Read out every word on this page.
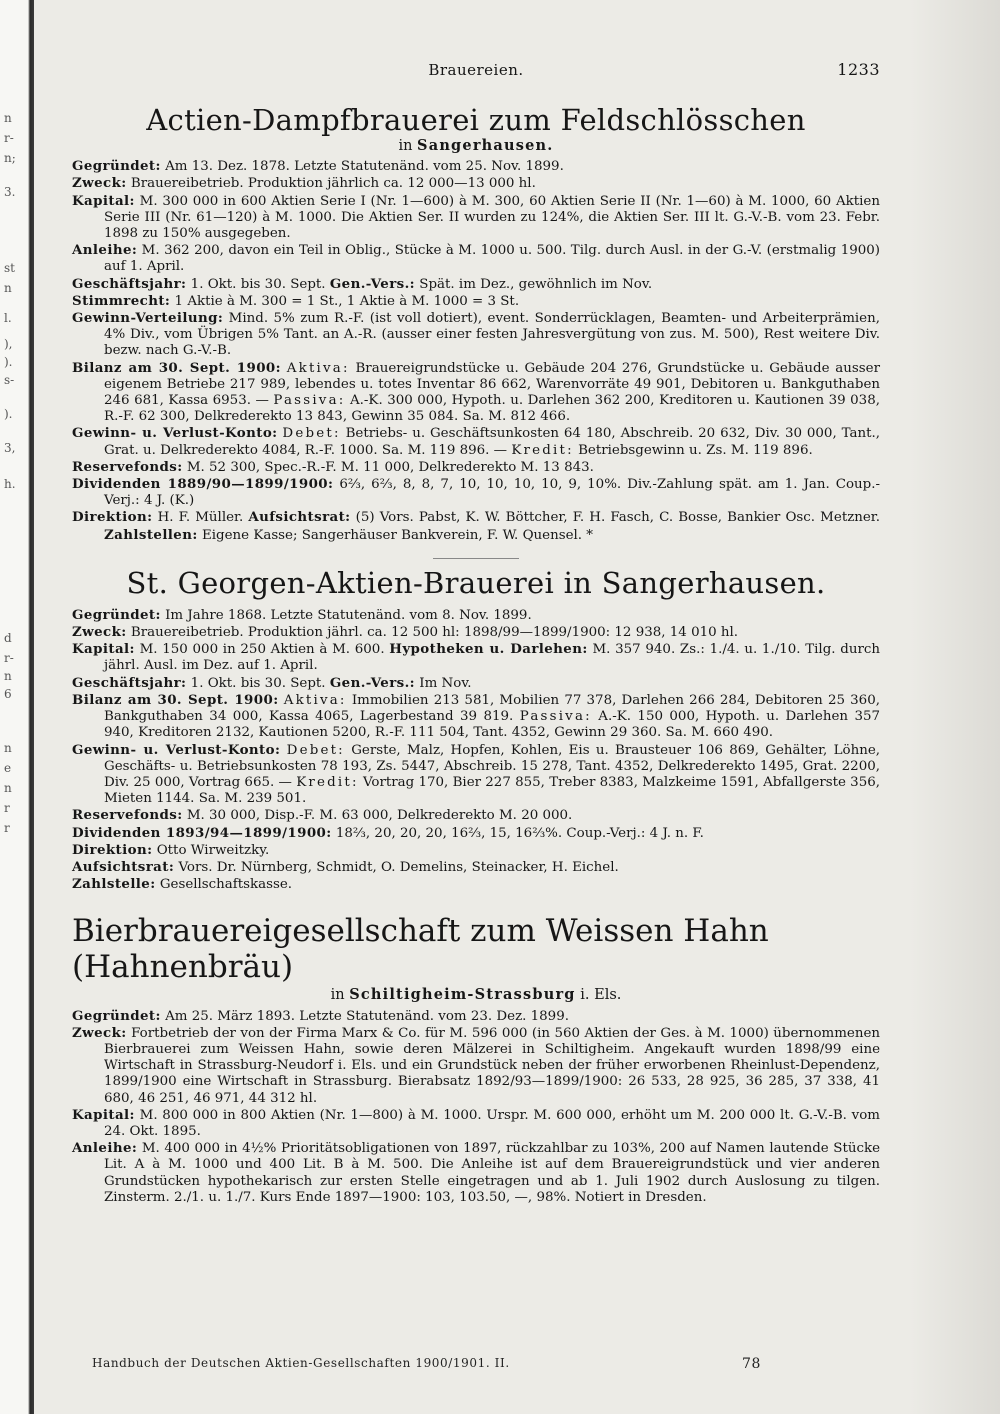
n
r-
n;
3.
st
n
l.
),
).
s-
).
3,
h.
d
r-
n
6
n
e
n
r
r
Brauereien.	1233
Actien-Dampfbrauerei zum Feldschlösschen
in Sangerhausen.

Gegründet: Am 13. Dez. 1878. Letzte Statutenänd. vom 25. Nov. 1899.

Zweck: Brauereibetrieb. Produktion jährlich ca. 12 000—13 000 hl.

Kapital: M. 300 000 in 600 Aktien Serie I (Nr. 1—600) à M. 300, 60 Aktien Serie II (Nr. 1—60) à M. 1000, 60 Aktien Serie III (Nr. 61—120) à M. 1000. Die Aktien Ser. II wurden zu 124%, die Aktien Ser. III lt. G.-V.-B. vom 23. Febr. 1898 zu 150% ausgegeben.

Anleihe: M. 362 200, davon ein Teil in Oblig., Stücke à M. 1000 u. 500. Tilg. durch Ausl. in der G.-V. (erstmalig 1900) auf 1. April.

Geschäftsjahr: 1. Okt. bis 30. Sept. Gen.-Vers.: Spät. im Dez., gewöhnlich im Nov.

Stimmrecht: 1 Aktie à M. 300 = 1 St., 1 Aktie à M. 1000 = 3 St.

Gewinn-Verteilung: Mind. 5% zum R.-F. (ist voll dotiert), event. Sonderrücklagen, Beamten- und Arbeiterprämien, 4% Div., vom Übrigen 5% Tant. an A.-R. (ausser einer festen Jahresvergütung von zus. M. 500), Rest weitere Div. bezw. nach G.-V.-B.

Bilanz am 30. Sept. 1900: Aktiva: Brauereigrundstücke u. Gebäude 204 276, Grundstücke u. Gebäude ausser eigenem Betriebe 217 989, lebendes u. totes Inventar 86 662, Warenvorräte 49 901, Debitoren u. Bankguthaben 246 681, Kassa 6953. — Passiva: A.-K. 300 000, Hypoth. u. Darlehen 362 200, Kreditoren u. Kautionen 39 038, R.-F. 62 300, Delkrederekto 13 843, Gewinn 35 084. Sa. M. 812 466.

Gewinn- u. Verlust-Konto: Debet: Betriebs- u. Geschäftsunkosten 64 180, Abschreib. 20 632, Div. 30 000, Tant., Grat. u. Delkrederekto 4084, R.-F. 1000. Sa. M. 119 896. — Kredit: Betriebsgewinn u. Zs. M. 119 896.

Reservefonds: M. 52 300, Spec.-R.-F. M. 11 000, Delkrederekto M. 13 843.

Dividenden 1889/90—1899/1900: 6⅔, 6⅔, 8, 8, 7, 10, 10, 10, 10, 9, 10%. Div.-Zahlung spät. am 1. Jan. Coup.-Verj.: 4 J. (K.)

Direktion: H. F. Müller. Aufsichtsrat: (5) Vors. Pabst, K. W. Böttcher, F. H. Fasch, C. Bosse, Bankier Osc. Metzner. Zahlstellen: Eigene Kasse; Sangerhäuser Bankverein, F. W. Quensel. *

St. Georgen-Aktien-Brauerei in Sangerhausen.

Gegründet: Im Jahre 1868. Letzte Statutenänd. vom 8. Nov. 1899.

Zweck: Brauereibetrieb. Produktion jährl. ca. 12 500 hl: 1898/99—1899/1900: 12 938, 14 010 hl.

Kapital: M. 150 000 in 250 Aktien à M. 600. Hypotheken u. Darlehen: M. 357 940. Zs.: 1./4. u. 1./10. Tilg. durch jährl. Ausl. im Dez. auf 1. April.

Geschäftsjahr: 1. Okt. bis 30. Sept. Gen.-Vers.: Im Nov.

Bilanz am 30. Sept. 1900: Aktiva: Immobilien 213 581, Mobilien 77 378, Darlehen 266 284, Debitoren 25 360, Bankguthaben 34 000, Kassa 4065, Lagerbestand 39 819. Passiva: A.-K. 150 000, Hypoth. u. Darlehen 357 940, Kreditoren 2132, Kautionen 5200, R.-F. 111 504, Tant. 4352, Gewinn 29 360. Sa. M. 660 490.

Gewinn- u. Verlust-Konto: Debet: Gerste, Malz, Hopfen, Kohlen, Eis u. Brausteuer 106 869, Gehälter, Löhne, Geschäfts- u. Betriebsunkosten 78 193, Zs. 5447, Abschreib. 15 278, Tant. 4352, Delkrederekto 1495, Grat. 2200, Div. 25 000, Vortrag 665. — Kredit: Vortrag 170, Bier 227 855, Treber 8383, Malzkeime 1591, Abfallgerste 356, Mieten 1144. Sa. M. 239 501.

Reservefonds: M. 30 000, Disp.-F. M. 63 000, Delkrederekto M. 20 000.

Dividenden 1893/94—1899/1900: 18⅔, 20, 20, 20, 16⅔, 15, 16⅔%. Coup.-Verj.: 4 J. n. F.

Direktion: Otto Wirweitzky.

Aufsichtsrat: Vors. Dr. Nürnberg, Schmidt, O. Demelins, Steinacker, H. Eichel.

Zahlstelle: Gesellschaftskasse.

Bierbrauereigesellschaft zum Weissen Hahn (Hahnenbräu)
in Schiltigheim-Strassburg i. Els.

Gegründet: Am 25. März 1893. Letzte Statutenänd. vom 23. Dez. 1899.

Zweck: Fortbetrieb der von der Firma Marx & Co. für M. 596 000 (in 560 Aktien der Ges. à M. 1000) übernommenen Bierbrauerei zum Weissen Hahn, sowie deren Mälzerei in Schiltigheim. Angekauft wurden 1898/99 eine Wirtschaft in Strassburg-Neudorf i. Els. und ein Grundstück neben der früher erworbenen Rheinlust-Dependenz, 1899/1900 eine Wirtschaft in Strassburg. Bierabsatz 1892/93—1899/1900: 26 533, 28 925, 36 285, 37 338, 41 680, 46 251, 46 971, 44 312 hl.

Kapital: M. 800 000 in 800 Aktien (Nr. 1—800) à M. 1000. Urspr. M. 600 000, erhöht um M. 200 000 lt. G.-V.-B. vom 24. Okt. 1895.

Anleihe: M. 400 000 in 4½% Prioritätsobligationen von 1897, rückzahlbar zu 103%, 200 auf Namen lautende Stücke Lit. A à M. 1000 und 400 Lit. B à M. 500. Die Anleihe ist auf dem Brauereigrundstück und vier anderen Grundstücken hypothekarisch zur ersten Stelle eingetragen und ab 1. Juli 1902 durch Auslosung zu tilgen. Zinsterm. 2./1. u. 1./7. Kurs Ende 1897—1900: 103, 103.50, —, 98%. Notiert in Dresden.

Handbuch der Deutschen Aktien-Gesellschaften 1900/1901. II.	78
